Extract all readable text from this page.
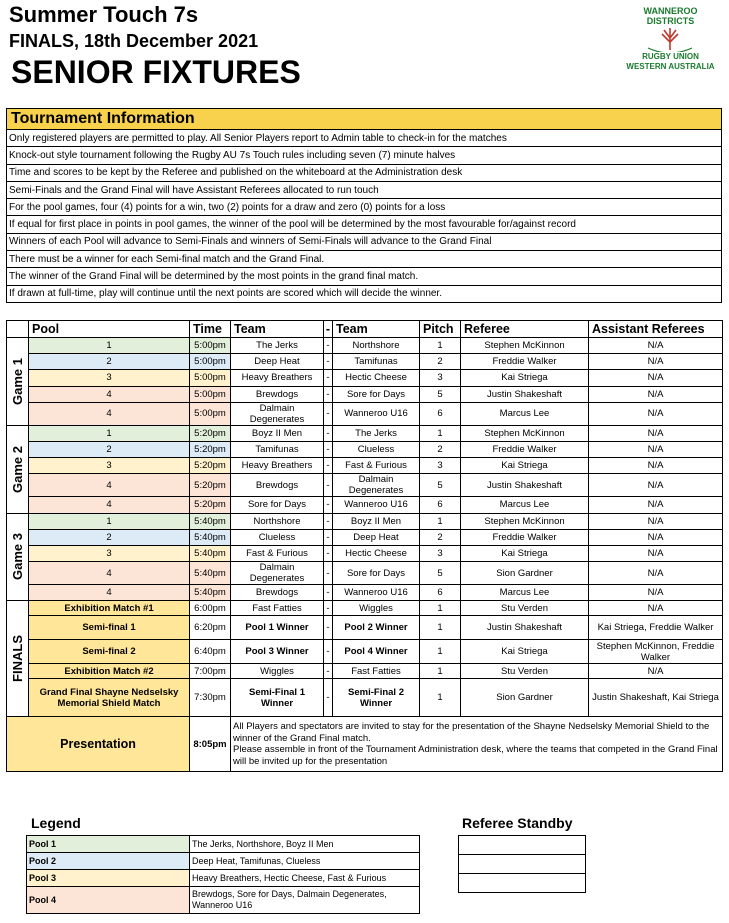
Summer Touch 7s
FINALS, 18th December 2021
SENIOR FIXTURES
WANNEROO DISTRICTS
RUGBY UNION
WESTERN AUSTRALIA
Tournament Information
Only registered players are permitted to play. All Senior Players report to Admin table to check-in for the matches
Knock-out style tournament following the Rugby AU 7s Touch rules including seven (7) minute halves
Time and scores to be kept by the Referee and published on the whiteboard at the Administration desk
Semi-Finals and the Grand Final will have Assistant Referees allocated to run touch
For the pool games, four (4) points for a win, two (2) points for a draw and zero (0) points for a loss
If equal for first place in points in pool games, the winner of the pool will be determined by the most favourable for/against record
Winners of each Pool will advance to Semi-Finals and winners of Semi-Finals will advance to the Grand Final
There must be a winner for each Semi-final match and the Grand Final.
The winner of the Grand Final will be determined by the most points in the grand final match.
If drawn at full-time, play will continue until the next points are scored which will decide the winner.
	Pool	Time	Team	-	Team	Pitch	Referee	Assistant Referees

Game 1	1	5:00pm	The Jerks	-	Northshore	1	Stephen McKinnon	N/A
	2	5:00pm	Deep Heat	-	Tamifunas	2	Freddie Walker	N/A
	3	5:00pm	Heavy Breathers	-	Hectic Cheese	3	Kai Striega	N/A
	4	5:00pm	Brewdogs	-	Sore for Days	5	Justin Shakeshaft	N/A
	4	5:00pm	Dalmain Degenerates	-	Wanneroo U16	6	Marcus Lee	N/A

Game 2	1	5:20pm	Boyz II Men	-	The Jerks	1	Stephen McKinnon	N/A
	2	5:20pm	Tamifunas	-	Clueless	2	Freddie Walker	N/A
	3	5:20pm	Heavy Breathers	-	Fast & Furious	3	Kai Striega	N/A
	4	5:20pm	Brewdogs	-	Dalmain Degenerates	5	Justin Shakeshaft	N/A
	4	5:20pm	Sore for Days	-	Wanneroo U16	6	Marcus Lee	N/A

Game 3	1	5:40pm	Northshore	-	Boyz II Men	1	Stephen McKinnon	N/A
	2	5:40pm	Clueless	-	Deep Heat	2	Freddie Walker	N/A
	3	5:40pm	Fast & Furious	-	Hectic Cheese	3	Kai Striega	N/A
	4	5:40pm	Dalmain Degenerates	-	Sore for Days	5	Sion Gardner	N/A
	4	5:40pm	Brewdogs	-	Wanneroo U16	6	Marcus Lee	N/A

FINALS	Exhibition Match #1	6:00pm	Fast Fatties	-	Wiggles	1	Stu Verden	N/A
	Semi-final 1	6:20pm	Pool 1 Winner	-	Pool 2 Winner	1	Justin Shakeshaft	Kai Striega, Freddie Walker
	Semi-final 2	6:40pm	Pool 3 Winner	-	Pool 4 Winner	1	Kai Striega	Stephen McKinnon, Freddie Walker
	Exhibition Match #2	7:00pm	Wiggles	-	Fast Fatties	1	Stu Verden	N/A
	Grand Final Shayne Nedselsky Memorial Shield Match	7:30pm	Semi-Final 1 Winner	-	Semi-Final 2 Winner	1	Sion Gardner	Justin Shakeshaft, Kai Striega
Presentation		8:05pm	All Players and spectators are invited to stay for the presentation of the Shayne Nedselsky Memorial Shield to the winner of the Grand Final match.
Please assemble in front of the Tournament Administration desk, where the teams that competed in the Grand Final will be invited up for the presentation					
Legend
Pool 1	The Jerks, Northshore, Boyz II Men
Pool 2	Deep Heat, Tamifunas, Clueless
Pool 3	Heavy Breathers, Hectic Cheese, Fast & Furious
Pool 4	Brewdogs, Sore for Days, Dalmain Degenerates, Wanneroo U16
Referee Standby
